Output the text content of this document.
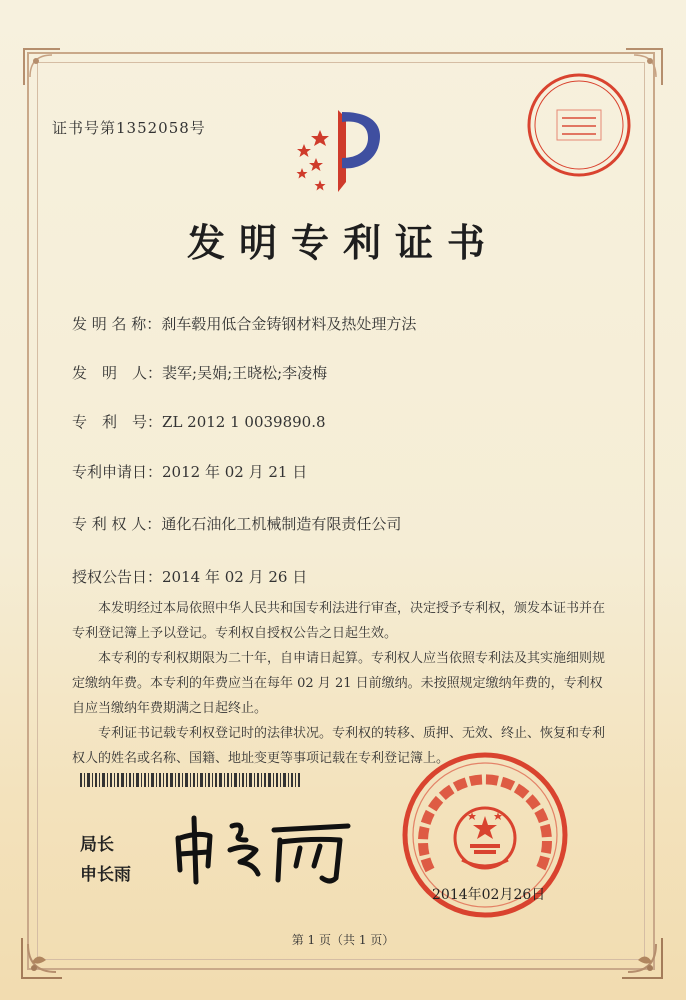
证书号第1352058号
发明专利证书
发 明 名 称：刹车毂用低合金铸钢材料及热处理方法
发　明　人：裴军;吴娟;王晓松;李凌梅
专　利　号：ZL 2012 1 0039890.8
专利申请日：2012 年 02 月 21 日
专 利 权 人：通化石油化工机械制造有限责任公司
授权公告日：2014 年 02 月 26 日

本发明经过本局依照中华人民共和国专利法进行审查，决定授予专利权，颁发本证书并在专利登记簿上予以登记。专利权自授权公告之日起生效。

本专利的专利权期限为二十年，自申请日起算。专利权人应当依照专利法及其实施细则规定缴纳年费。本专利的年费应当在每年 02 月 21 日前缴纳。未按照规定缴纳年费的，专利权自应当缴纳年费期满之日起终止。

专利证书记载专利权登记时的法律状况。专利权的转移、质押、无效、终止、恢复和专利权人的姓名或名称、国籍、地址变更等事项记载在专利登记簿上。

局长
申长雨
2014年02月26日
第 1 页（共 1 页）
